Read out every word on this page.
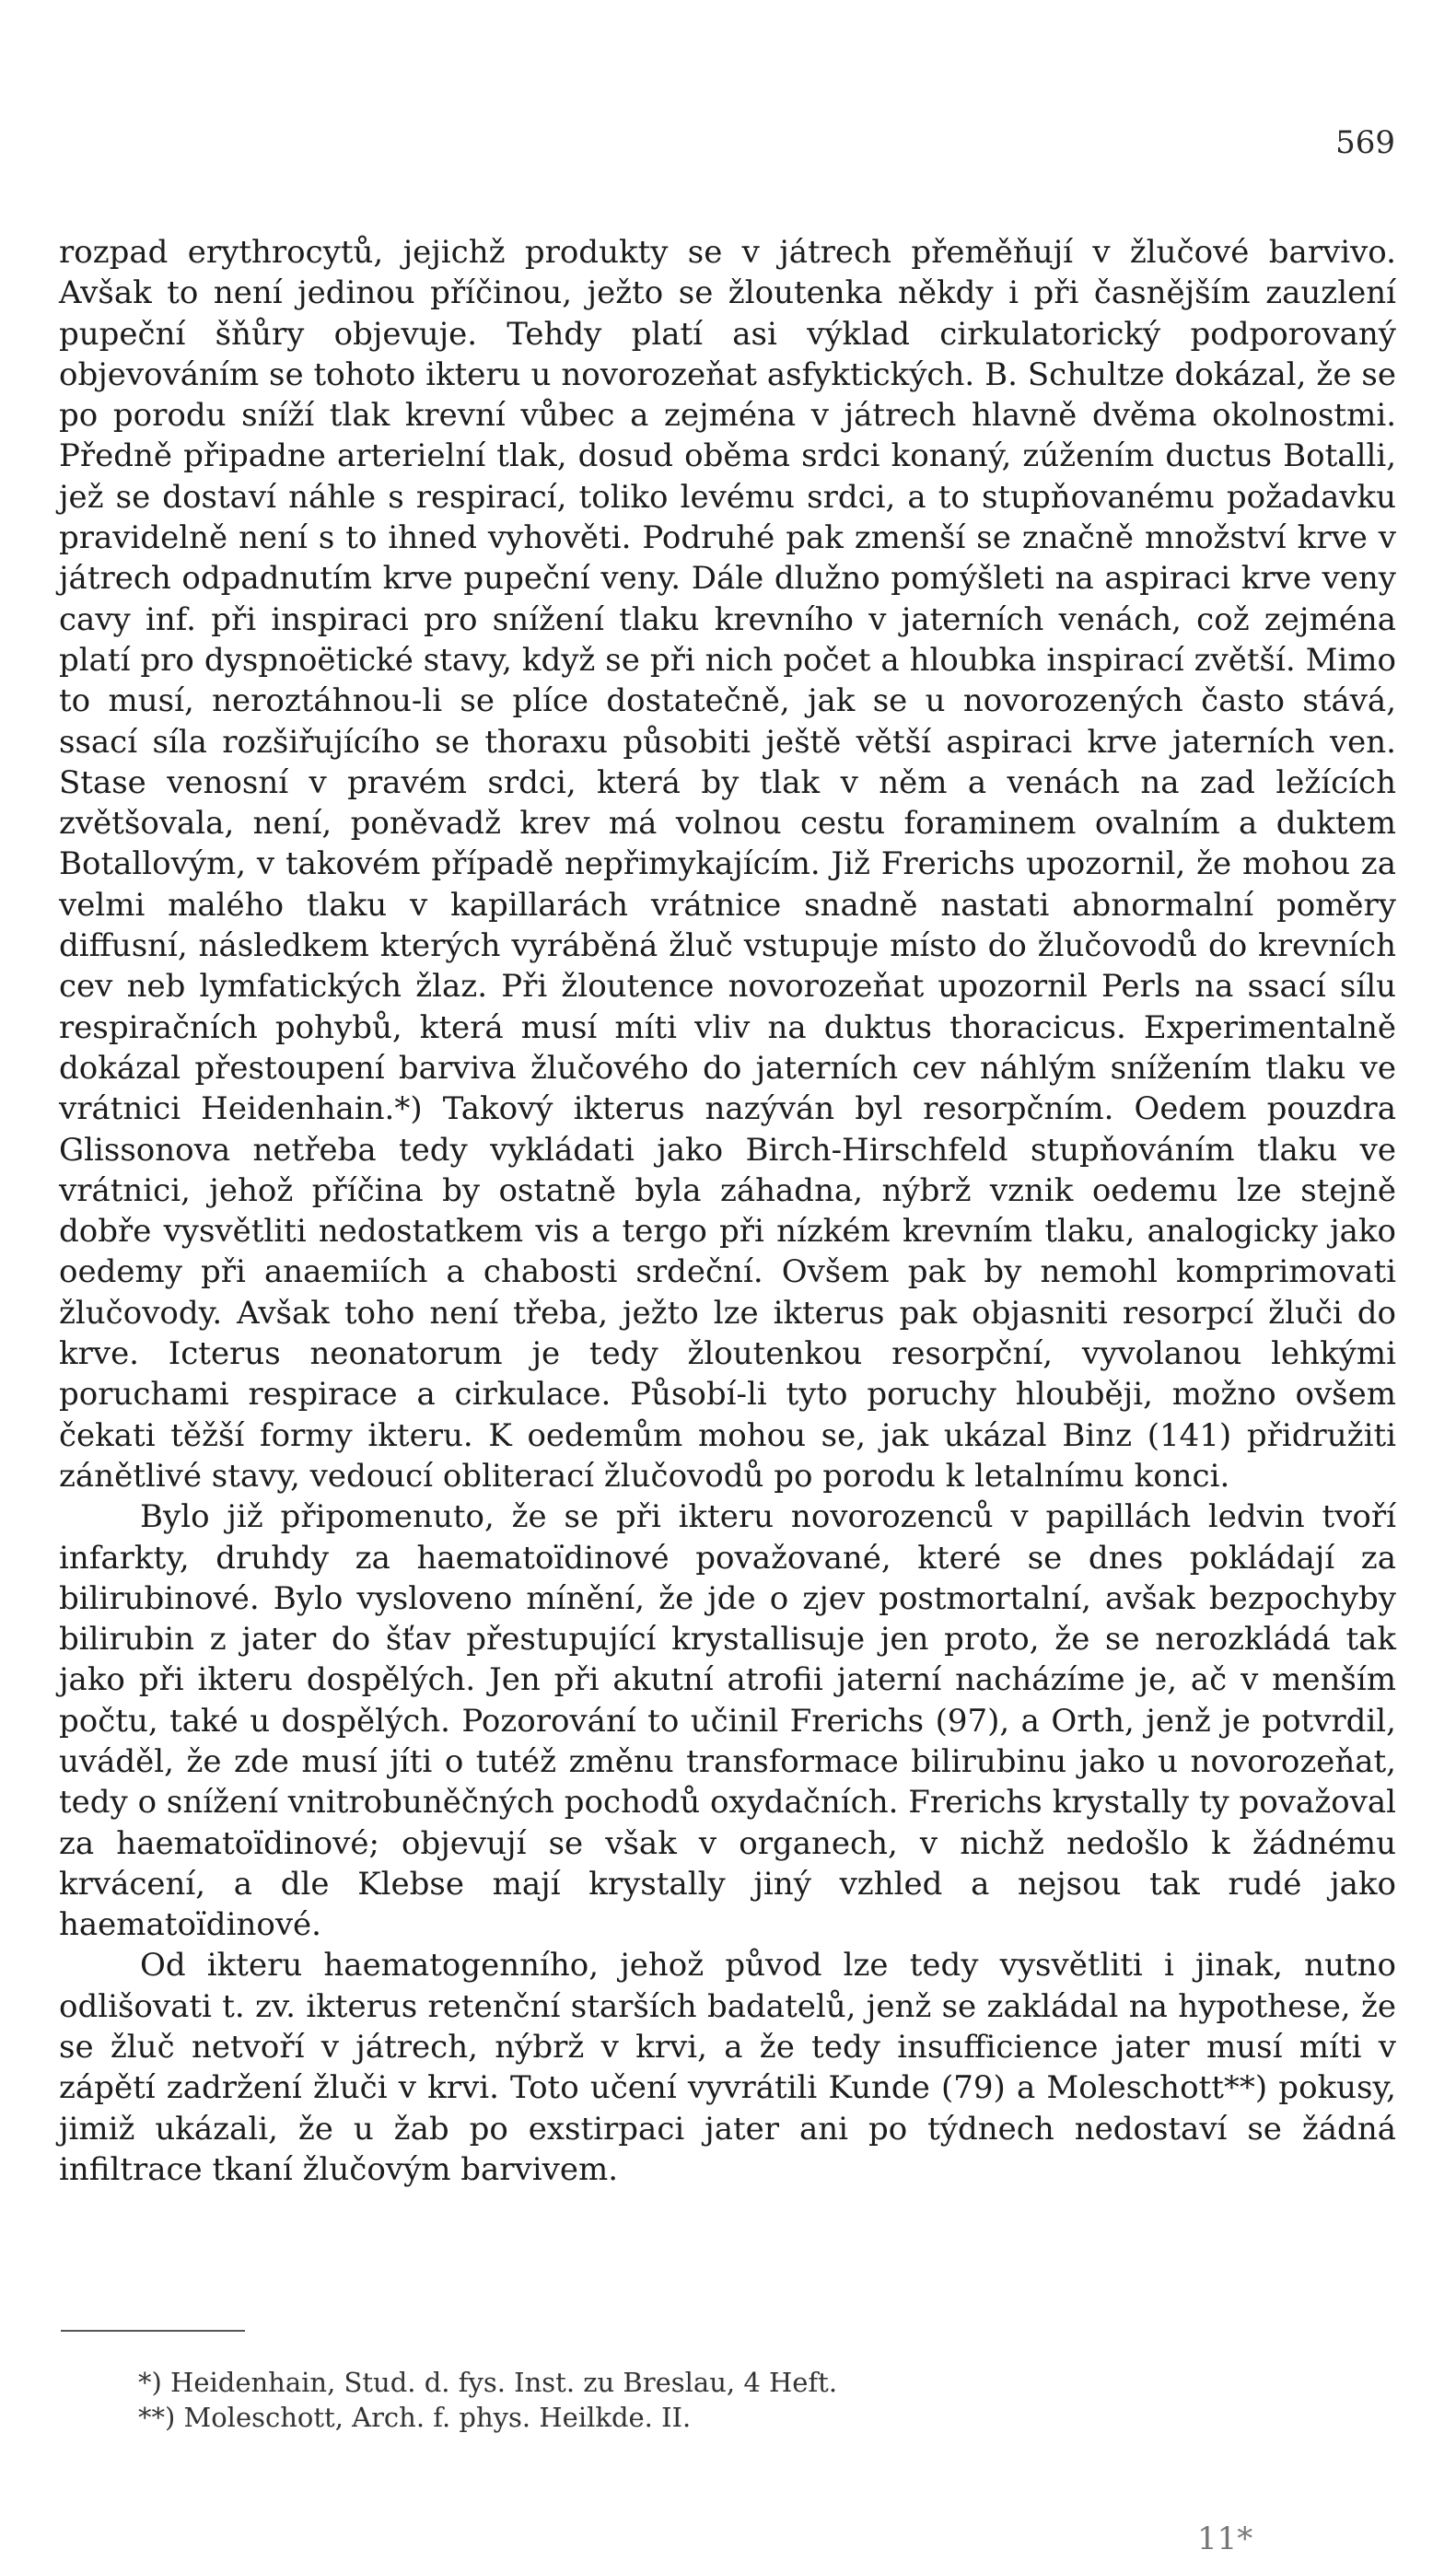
569

rozpad erythrocytů, jejichž produkty se v játrech přeměňují v žlučové barvivo. Avšak to není jedinou příčinou, ježto se žloutenka někdy i při časnějším zauzlení pupeční šňůry objevuje. Tehdy platí asi výklad cirkulatorický podporovaný objevováním se tohoto ikteru u novorozeňat asfyktických. B. Schultze dokázal, že se po porodu sníží tlak krevní vůbec a zejména v játrech hlavně dvěma okolnostmi. Předně připadne arterielní tlak, dosud oběma srdci konaný, zúžením ductus Botalli, jež se dostaví náhle s respirací, toliko levému srdci, a to stupňovanému požadavku pravidelně není s to ihned vyhověti. Podruhé pak zmenší se značně množství krve v játrech odpadnutím krve pupeční veny. Dále dlužno pomýšleti na aspiraci krve veny cavy inf. při inspiraci pro snížení tlaku krevního v jaterních venách, což zejména platí pro dyspnoëtické stavy, když se při nich počet a hloubka inspirací zvětší. Mimo to musí, neroztáhnou-li se plíce dostatečně, jak se u novorozených často stává, ssací síla rozšiřujícího se thoraxu působiti ještě větší aspiraci krve jaterních ven. Stase venosní v pravém srdci, která by tlak v něm a venách na zad ležících zvětšovala, není, poněvadž krev má volnou cestu foraminem ovalním a duktem Botallovým, v takovém případě nepřimykajícím. Již Frerichs upozornil, že mohou za velmi malého tlaku v kapillarách vrátnice snadně nastati abnormalní poměry diffusní, následkem kterých vyráběná žluč vstupuje místo do žlučovodů do krevních cev neb lymfatických žlaz. Při žloutence novorozeňat upozornil Perls na ssací sílu respiračních pohybů, která musí míti vliv na duktus thoracicus. Experimentalně dokázal přestoupení barviva žlučového do jaterních cev náhlým snížením tlaku ve vrátnici Heidenhain.*) Takový ikterus nazýván byl resorpčním. Oedem pouzdra Glissonova netřeba tedy vykládati jako Birch-Hirschfeld stupňováním tlaku ve vrátnici, jehož příčina by ostatně byla záhadna, nýbrž vznik oedemu lze stejně dobře vysvětliti nedostatkem vis a tergo při nízkém krevním tlaku, analogicky jako oedemy při anaemiích a chabosti srdeční. Ovšem pak by nemohl komprimovati žlučovody. Avšak toho není třeba, ježto lze ikterus pak objasniti resorpcí žluči do krve. Icterus neonatorum je tedy žloutenkou resorpční, vyvolanou lehkými poruchami respirace a cirkulace. Působí-li tyto poruchy hlouběji, možno ovšem čekati těžší formy ikteru. K oedemům mohou se, jak ukázal Binz (141) přidružiti zánětlivé stavy, vedoucí obliterací žlučovodů po porodu k letalnímu konci.

Bylo již připomenuto, že se při ikteru novorozenců v papillách ledvin tvoří infarkty, druhdy za haematoïdinové považované, které se dnes pokládají za bilirubinové. Bylo vysloveno mínění, že jde o zjev postmortalní, avšak bezpochyby bilirubin z jater do šťav přestupující krystallisuje jen proto, že se nerozkládá tak jako při ikteru dospělých. Jen při akutní atrofii jaterní nacházíme je, ač v menším počtu, také u dospělých. Pozorování to učinil Frerichs (97), a Orth, jenž je potvrdil, uváděl, že zde musí jíti o tutéž změnu transformace bilirubinu jako u novorozeňat, tedy o snížení vnitrobuněčných pochodů oxydačních. Frerichs krystally ty považoval za haematoïdinové; objevují se však v organech, v nichž nedošlo k žádnému krvácení, a dle Klebse mají krystally jiný vzhled a nejsou tak rudé jako haematoïdinové.

Od ikteru haematogenního, jehož původ lze tedy vysvětliti i jinak, nutno odlišovati t. zv. ikterus retenční starších badatelů, jenž se zakládal na hypothese, že se žluč netvoří v játrech, nýbrž v krvi, a že tedy insufficience jater musí míti v zápětí zadržení žluči v krvi. Toto učení vyvrátili Kunde (79) a Moleschott**) pokusy, jimiž ukázali, že u žab po exstirpaci jater ani po týdnech nedostaví se žádná infiltrace tkaní žlučovým barvivem.

*) Heidenhain, Stud. d. fys. Inst. zu Breslau, 4 Heft.

**) Moleschott, Arch. f. phys. Heilkde. II.

11*
